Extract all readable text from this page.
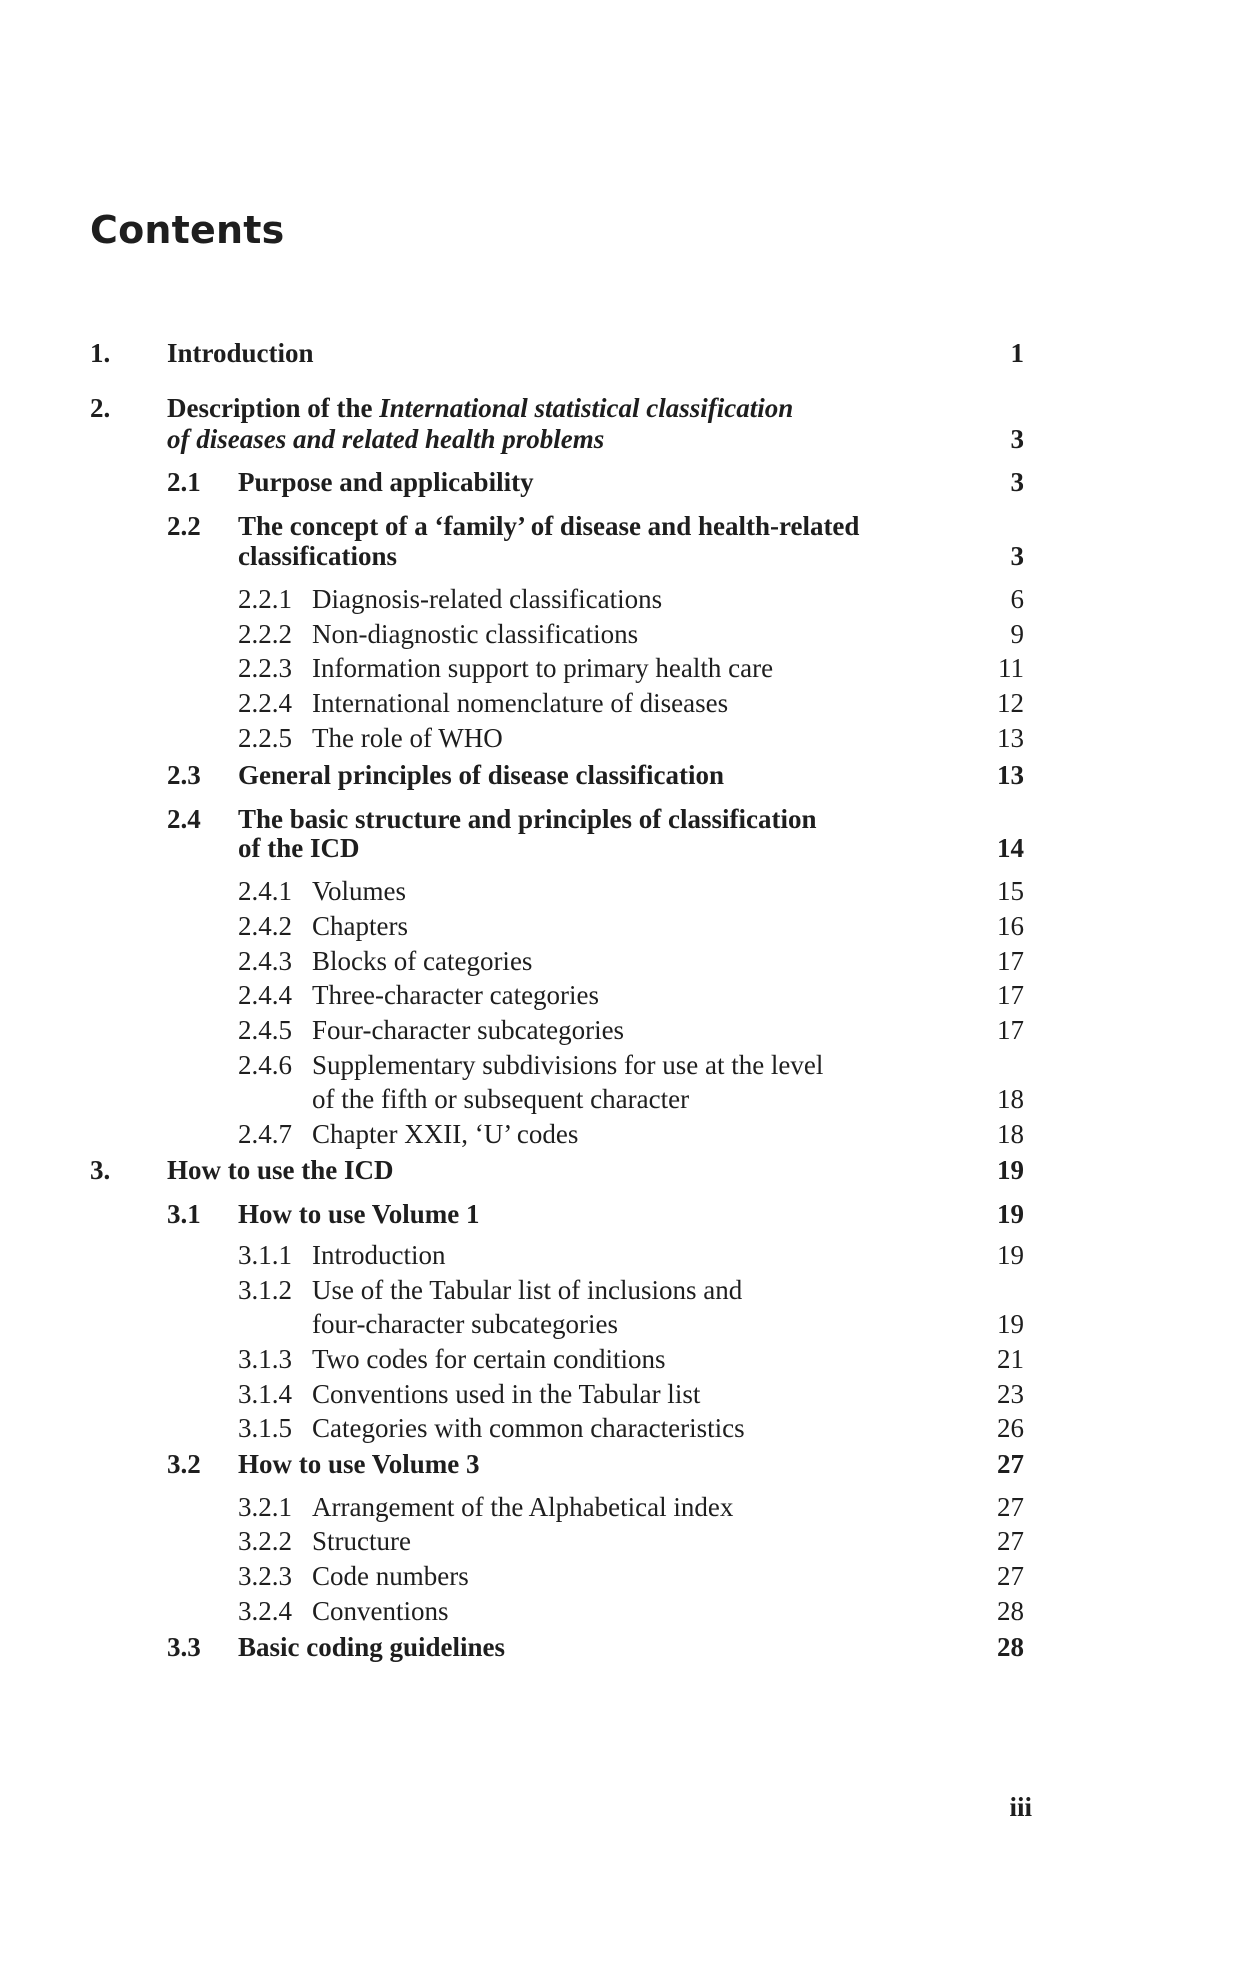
Contents
1. Introduction	1
2. Description of the International statistical classification
of diseases and related health problems	3
2.1 Purpose and applicability	3
2.2 The concept of a ‘family’ of disease and health-related
classifications	3
2.2.1 Diagnosis-related classifications	6
2.2.2 Non-diagnostic classifications	9
2.2.3 Information support to primary health care	11
2.2.4 International nomenclature of diseases	12
2.2.5 The role of WHO	13
2.3 General principles of disease classification	13
2.4 The basic structure and principles of classification
of the ICD	14
2.4.1 Volumes	15
2.4.2 Chapters	16
2.4.3 Blocks of categories	17
2.4.4 Three-character categories	17
2.4.5 Four-character subcategories	17
2.4.6 Supplementary subdivisions for use at the level
of the fifth or subsequent character	18
2.4.7 Chapter XXII, ‘U’ codes	18
3. How to use the ICD	19
3.1 How to use Volume 1	19
3.1.1 Introduction	19
3.1.2 Use of the Tabular list of inclusions and
four-character subcategories	19
3.1.3 Two codes for certain conditions	21
3.1.4 Conventions used in the Tabular list	23
3.1.5 Categories with common characteristics	26
3.2 How to use Volume 3	27
3.2.1 Arrangement of the Alphabetical index	27
3.2.2 Structure	27
3.2.3 Code numbers	27
3.2.4 Conventions	28
3.3 Basic coding guidelines	28
iii
